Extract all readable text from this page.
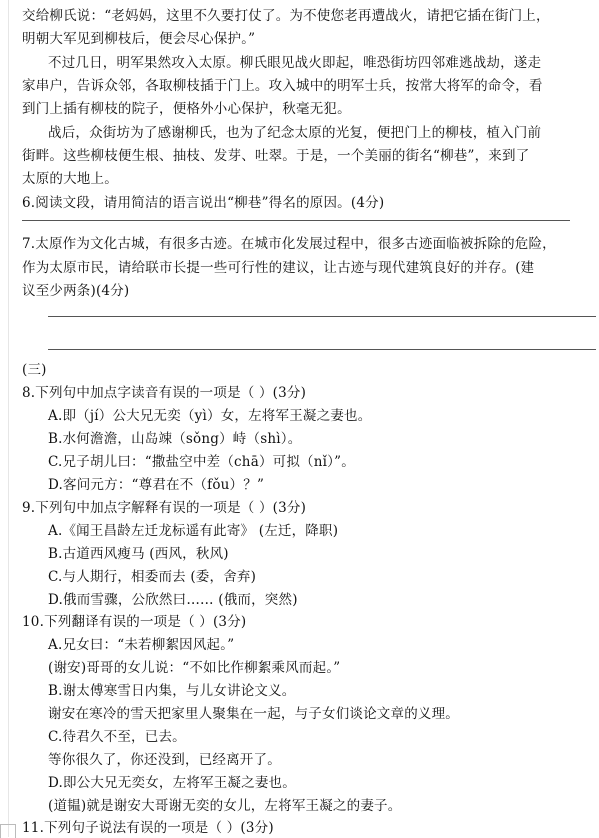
交给柳氏说：“老妈妈，这里不久要打仗了。为不使您老再遭战火，请把它插在街门上，
明朝大军见到柳枝后，便会尽心保护。”
不过几日，明军果然攻入太原。柳氏眼见战火即起，唯恐街坊四邻难逃战劫，遂走
家串户，告诉众邻，各取柳枝插于门上。攻入城中的明军士兵，按常大将军的命令，看
到门上插有柳枝的院子，便格外小心保护，秋毫无犯。
战后，众街坊为了感谢柳氏，也为了纪念太原的光复，便把门上的柳枝，植入门前
街畔。这些柳枝便生根、抽枝、发芽、吐翠。于是，一个美丽的街名“柳巷”，来到了
太原的大地上。
6.阅读文段，请用简洁的语言说出“柳巷”得名的原因。(4分)
7.太原作为文化古城，有很多古迹。在城市化发展过程中，很多古迹面临被拆除的危险，
作为太原市民，请给联市长提一些可行性的建议，让古迹与现代建筑良好的并存。(建
议至少两条)(4分)
(三)
8.下列句中加点字读音有误的一项是（ ）(3分)
A.即（jí）公大兄无奕（yì）女，左将军王凝之妻也。
B.水何澹澹，山岛竦（sǒng）峙（shì）。
C.兄子胡儿曰：“撒盐空中差（chā）可拟（nǐ）”。
D.客问元方：“尊君在不（fǒu）？”
9.下列句中加点字解释有误的一项是（ ）(3分)
A.《闻王昌龄左迁龙标遥有此寄》 (左迁，降职)
B.古道西风瘦马 (西风，秋风)
C.与人期行，相委而去 (委，舍弃)
D.俄而雪骤，公欣然曰…… (俄而，突然)
10.下列翻译有误的一项是（ ）(3分)
A.兄女曰：“未若柳絮因风起。”
(谢安)哥哥的女儿说：“不如比作柳絮乘风而起。”
B.谢太傅寒雪日内集，与儿女讲论文义。
谢安在寒冷的雪天把家里人聚集在一起，与子女们谈论文章的义理。
C.待君久不至，已去。
等你很久了，你还没到，已经离开了。
D.即公大兄无奕女，左将军王凝之妻也。
(道韫)就是谢安大哥谢无奕的女儿，左将军王凝之的妻子。
11.下列句子说法有误的一项是（ ）(3分)
